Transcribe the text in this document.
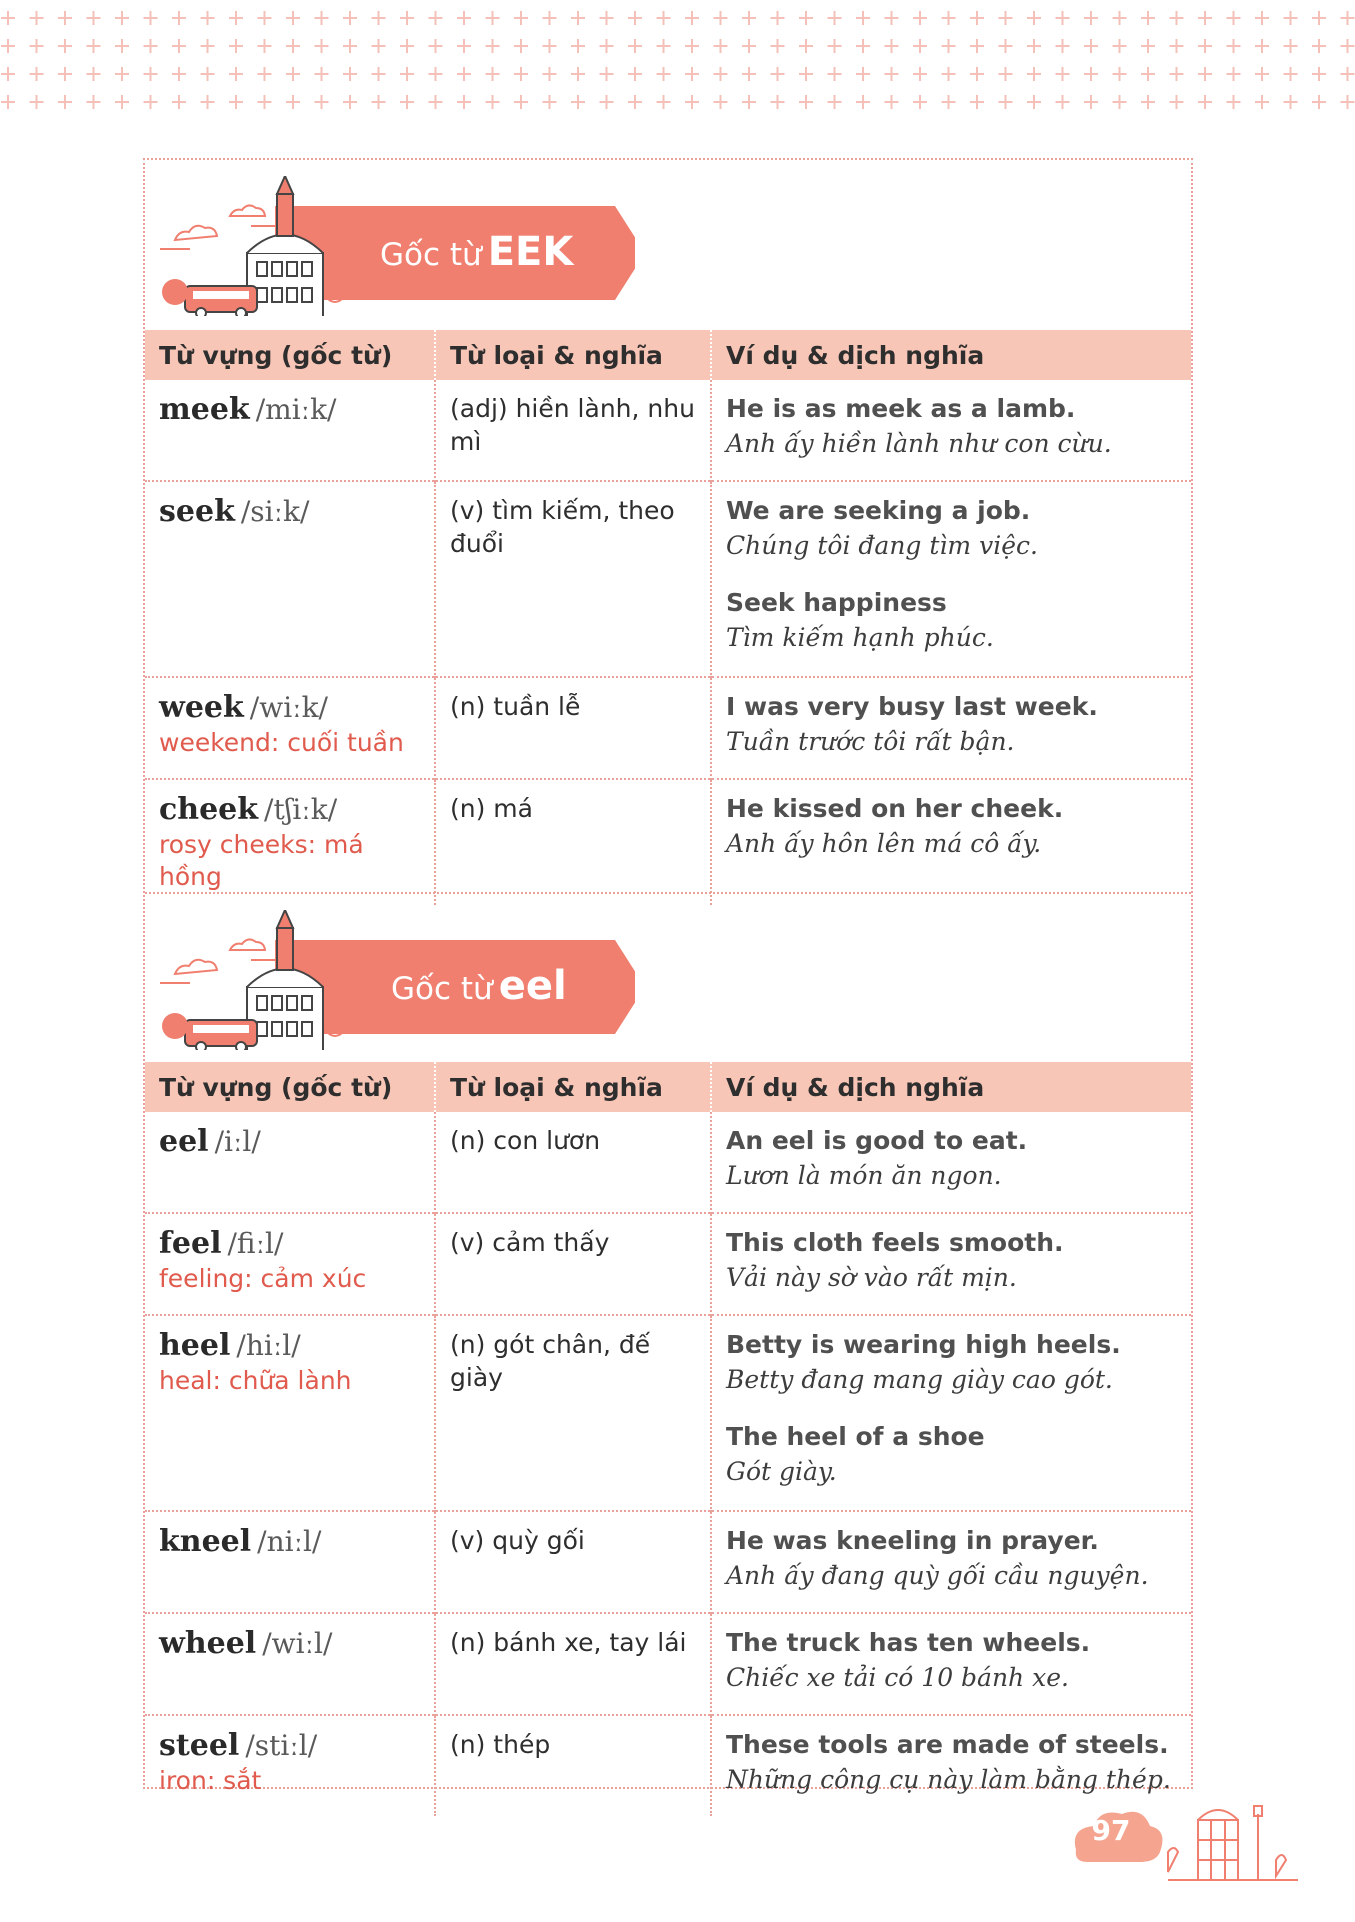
Gốc từ EEK
Từ vựng (gốc từ)	Từ loại & nghĩa	Ví dụ & dịch nghĩa
meek /miːk/	(adj) hiền lành, nhu mì	He is as meek as a lamb.
Anh ấy hiền lành như con cừu.

seek /siːk/	(v) tìm kiếm, theo đuổi	We are seeking a job.
Chúng tôi đang tìm việc.
Seek happiness
Tìm kiếm hạnh phúc.

week /wiːk/
weekend: cuối tuần	(n) tuần lễ	I was very busy last week.
Tuần trước tôi rất bận.

cheek /tʃiːk/
rosy cheeks: má hồng	(n) má	He kissed on her cheek.
Anh ấy hôn lên má cô ấy.
Gốc từ eel
Từ vựng (gốc từ)	Từ loại & nghĩa	Ví dụ & dịch nghĩa
eel /iːl/	(n) con lươn	An eel is good to eat.
Lươn là món ăn ngon.

feel /fiːl/
feeling: cảm xúc	(v) cảm thấy	This cloth feels smooth.
Vải này sờ vào rất mịn.

heel /hiːl/
heal: chữa lành	(n) gót chân, đế giày	Betty is wearing high heels.
Betty đang mang giày cao gót.
The heel of a shoe
Gót giày.

kneel /niːl/	(v) quỳ gối	He was kneeling in prayer.
Anh ấy đang quỳ gối cầu nguyện.

wheel /wiːl/	(n) bánh xe, tay lái	The truck has ten wheels.
Chiếc xe tải có 10 bánh xe.

steel /stiːl/
iron: sắt	(n) thép	These tools are made of steels.
Những công cụ này làm bằng thép.
97
